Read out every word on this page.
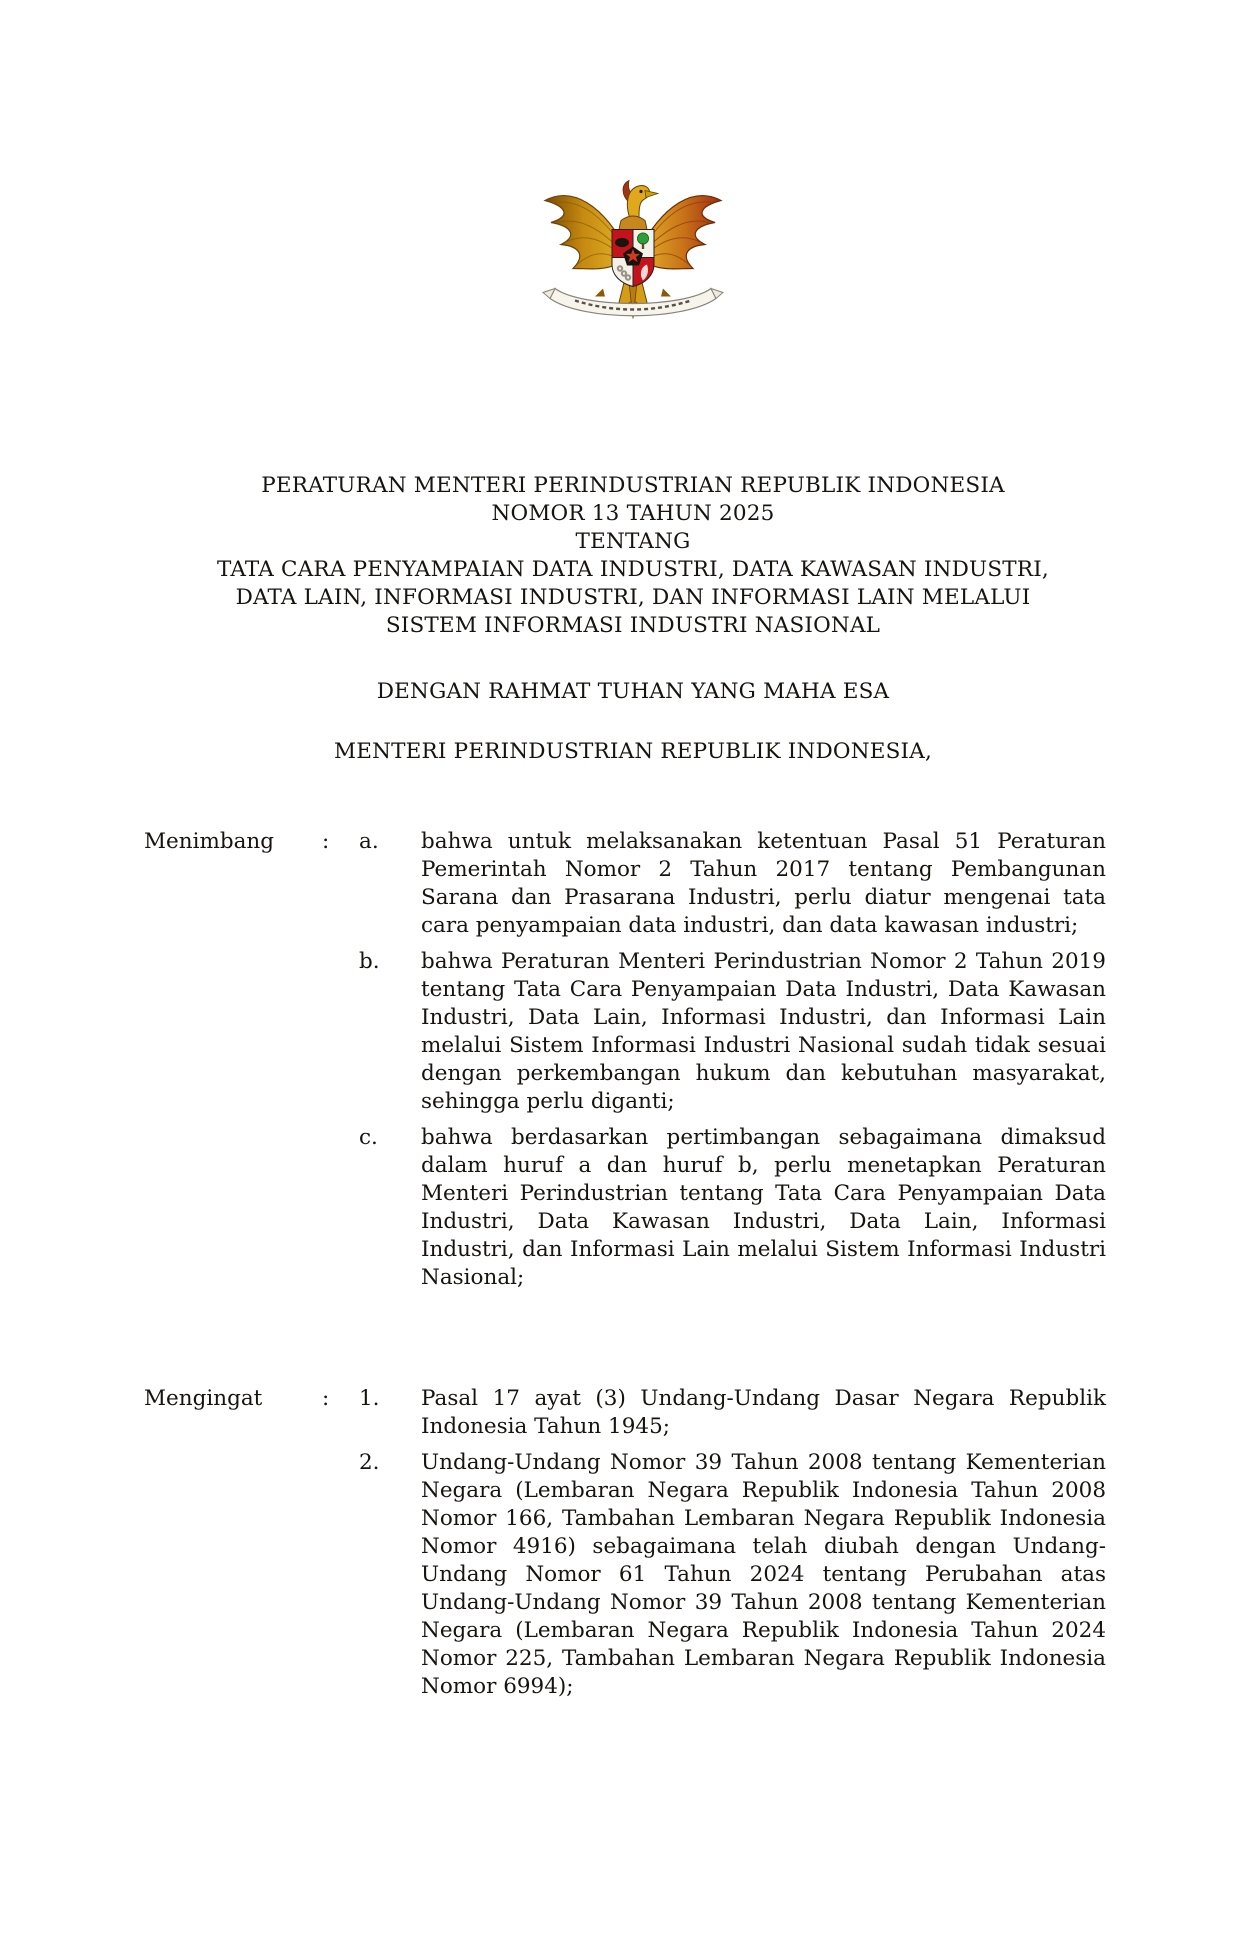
PERATURAN MENTERI PERINDUSTRIAN REPUBLIK INDONESIA
NOMOR 13 TAHUN 2025
TENTANG
TATA CARA PENYAMPAIAN DATA INDUSTRI, DATA KAWASAN INDUSTRI,
DATA LAIN, INFORMASI INDUSTRI, DAN INFORMASI LAIN MELALUI
SISTEM INFORMASI INDUSTRI NASIONAL
DENGAN RAHMAT TUHAN YANG MAHA ESA
MENTERI PERINDUSTRIAN REPUBLIK INDONESIA,
Menimbang	:	a.	bahwa untuk melaksanakan ketentuan Pasal 51 Peraturan Pemerintah Nomor 2 Tahun 2017 tentang Pembangunan Sarana dan Prasarana Industri, perlu diatur mengenai tata cara penyampaian data industri, dan data kawasan industri;
b.	bahwa Peraturan Menteri Perindustrian Nomor 2 Tahun 2019 tentang Tata Cara Penyampaian Data Industri, Data Kawasan Industri, Data Lain, Informasi Industri, dan Informasi Lain melalui Sistem Informasi Industri Nasional sudah tidak sesuai dengan perkembangan hukum dan kebutuhan masyarakat, sehingga perlu diganti;
c.	bahwa berdasarkan pertimbangan sebagaimana dimaksud dalam huruf a dan huruf b, perlu menetapkan Peraturan Menteri Perindustrian tentang Tata Cara Penyampaian Data Industri, Data Kawasan Industri, Data Lain, Informasi Industri, dan Informasi Lain melalui Sistem Informasi Industri Nasional;
Mengingat	:	1.	Pasal 17 ayat (3) Undang-Undang Dasar Negara Republik Indonesia Tahun 1945;
2.	Undang-Undang Nomor 39 Tahun 2008 tentang Kementerian Negara (Lembaran Negara Republik Indonesia Tahun 2008 Nomor 166, Tambahan Lembaran Negara Republik Indonesia Nomor 4916) sebagaimana telah diubah dengan Undang-Undang Nomor 61 Tahun 2024 tentang Perubahan atas Undang-Undang Nomor 39 Tahun 2008 tentang Kementerian Negara (Lembaran Negara Republik Indonesia Tahun 2024 Nomor 225, Tambahan Lembaran Negara Republik Indonesia Nomor 6994);
